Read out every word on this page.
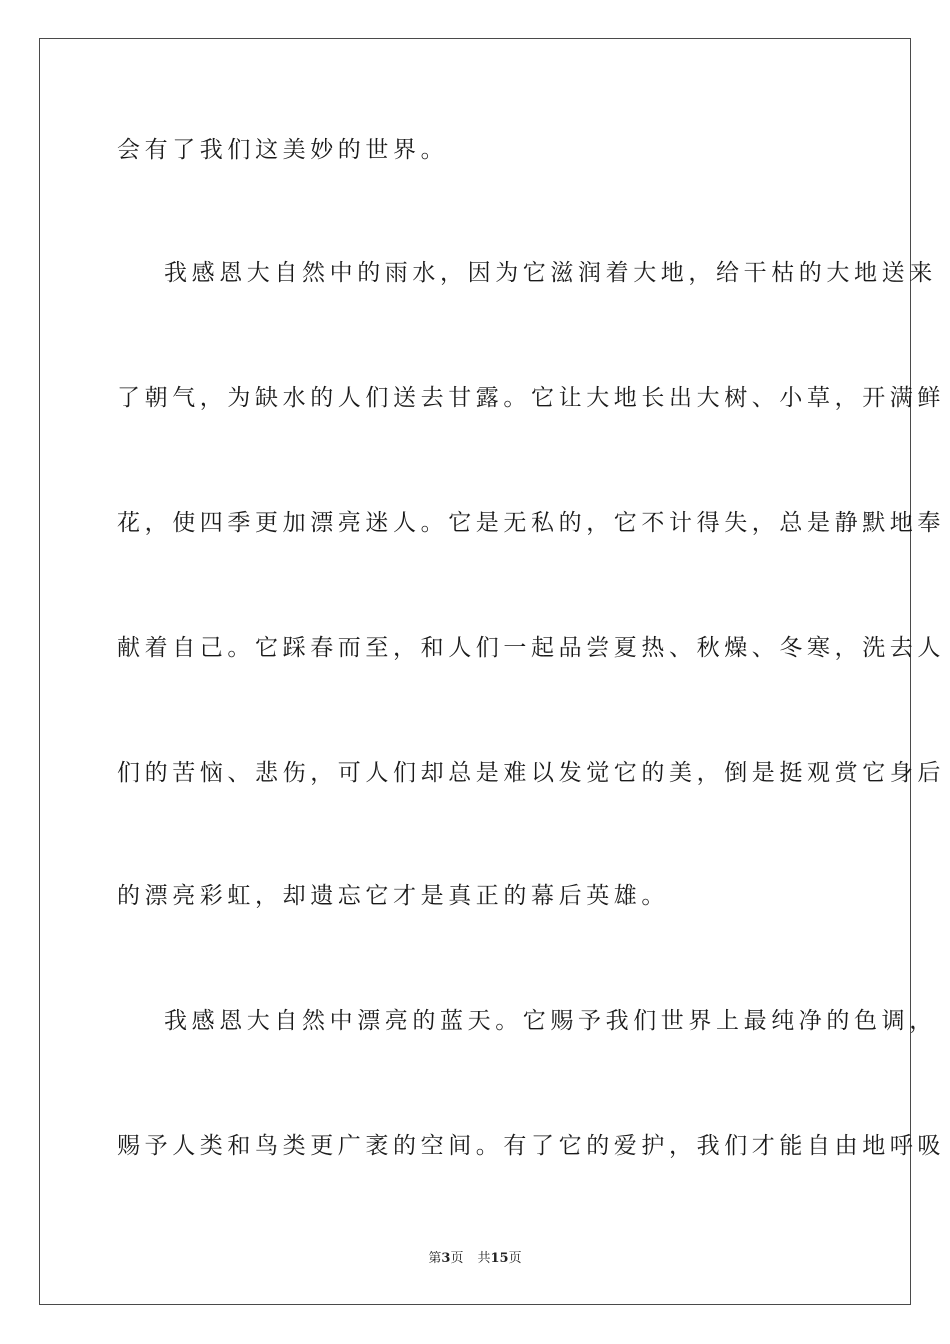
会有了我们这美妙的世界。
我感恩大自然中的雨水，因为它滋润着大地，给干枯的大地送来
了朝气，为缺水的人们送去甘露。它让大地长出大树、小草，开满鲜
花，使四季更加漂亮迷人。它是无私的，它不计得失，总是静默地奉
献着自己。它踩春而至，和人们一起品尝夏热、秋燥、冬寒，洗去人
们的苦恼、悲伤，可人们却总是难以发觉它的美，倒是挺观赏它身后
的漂亮彩虹，却遗忘它才是真正的幕后英雄。
我感恩大自然中漂亮的蓝天。它赐予我们世界上最纯净的色调，
赐予人类和鸟类更广袤的空间。有了它的爱护，我们才能自由地呼吸
第3页 共15页
